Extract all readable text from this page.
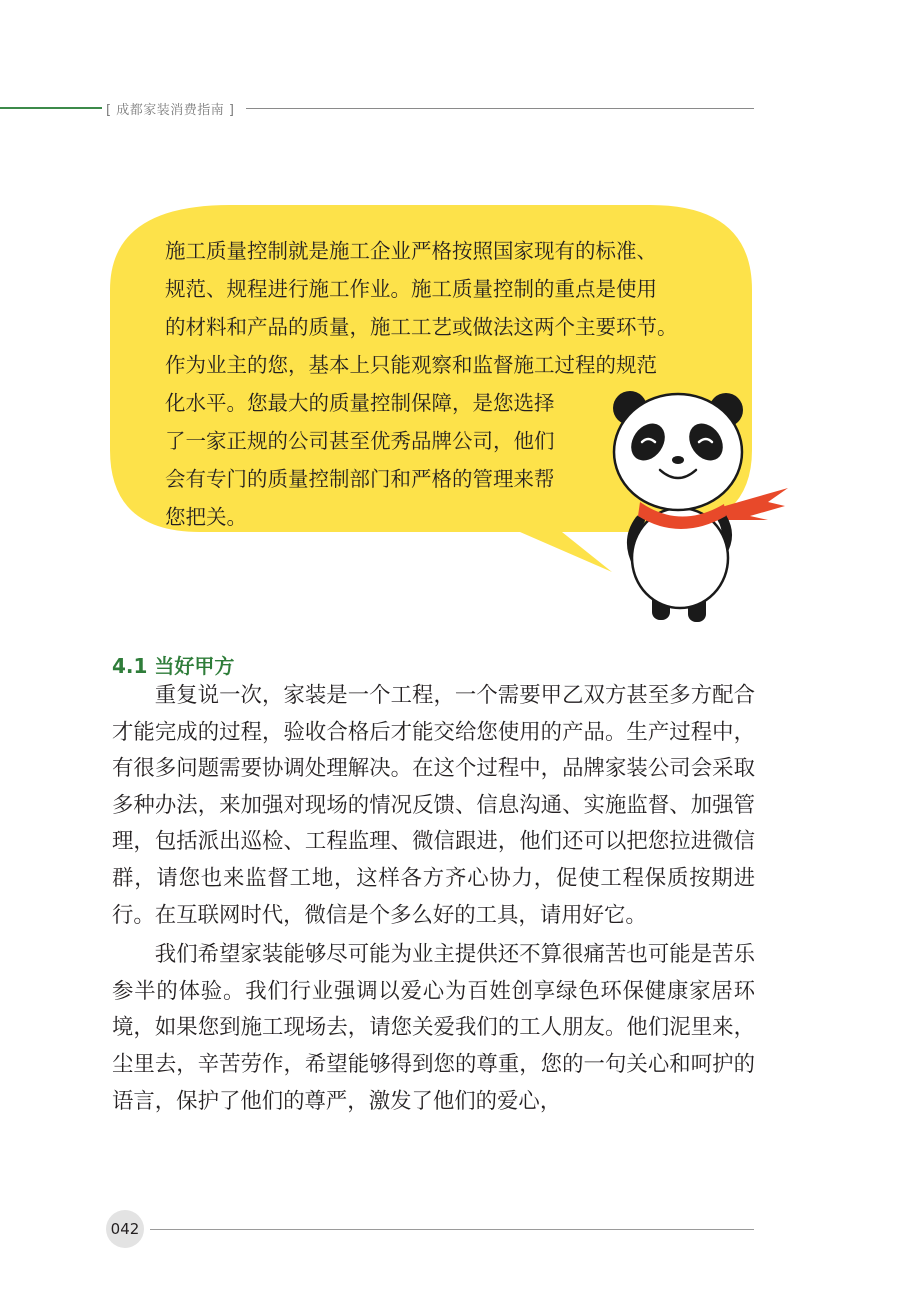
[ 成都家装消费指南 ]

施工质量控制就是施工企业严格按照国家现有的标准、

规范、规程进行施工作业。施工质量控制的重点是使用

的材料和产品的质量，施工工艺或做法这两个主要环节。

作为业主的您，基本上只能观察和监督施工过程的规范

化水平。您最大的质量控制保障，是您选择

了一家正规的公司甚至优秀品牌公司，他们

会有专门的质量控制部门和严格的管理来帮

您把关。

4.1 当好甲方

重复说一次，家装是一个工程，一个需要甲乙双方甚至多方配合才能完成的过程，验收合格后才能交给您使用的产品。生产过程中，有很多问题需要协调处理解决。在这个过程中，品牌家装公司会采取多种办法，来加强对现场的情况反馈、信息沟通、实施监督、加强管理，包括派出巡检、工程监理、微信跟进，他们还可以把您拉进微信群，请您也来监督工地，这样各方齐心协力，促使工程保质按期进行。在互联网时代，微信是个多么好的工具，请用好它。

我们希望家装能够尽可能为业主提供还不算很痛苦也可能是苦乐参半的体验。我们行业强调以爱心为百姓创享绿色环保健康家居环境，如果您到施工现场去，请您关爱我们的工人朋友。他们泥里来，尘里去，辛苦劳作，希望能够得到您的尊重，您的一句关心和呵护的语言，保护了他们的尊严，激发了他们的爱心，

042
